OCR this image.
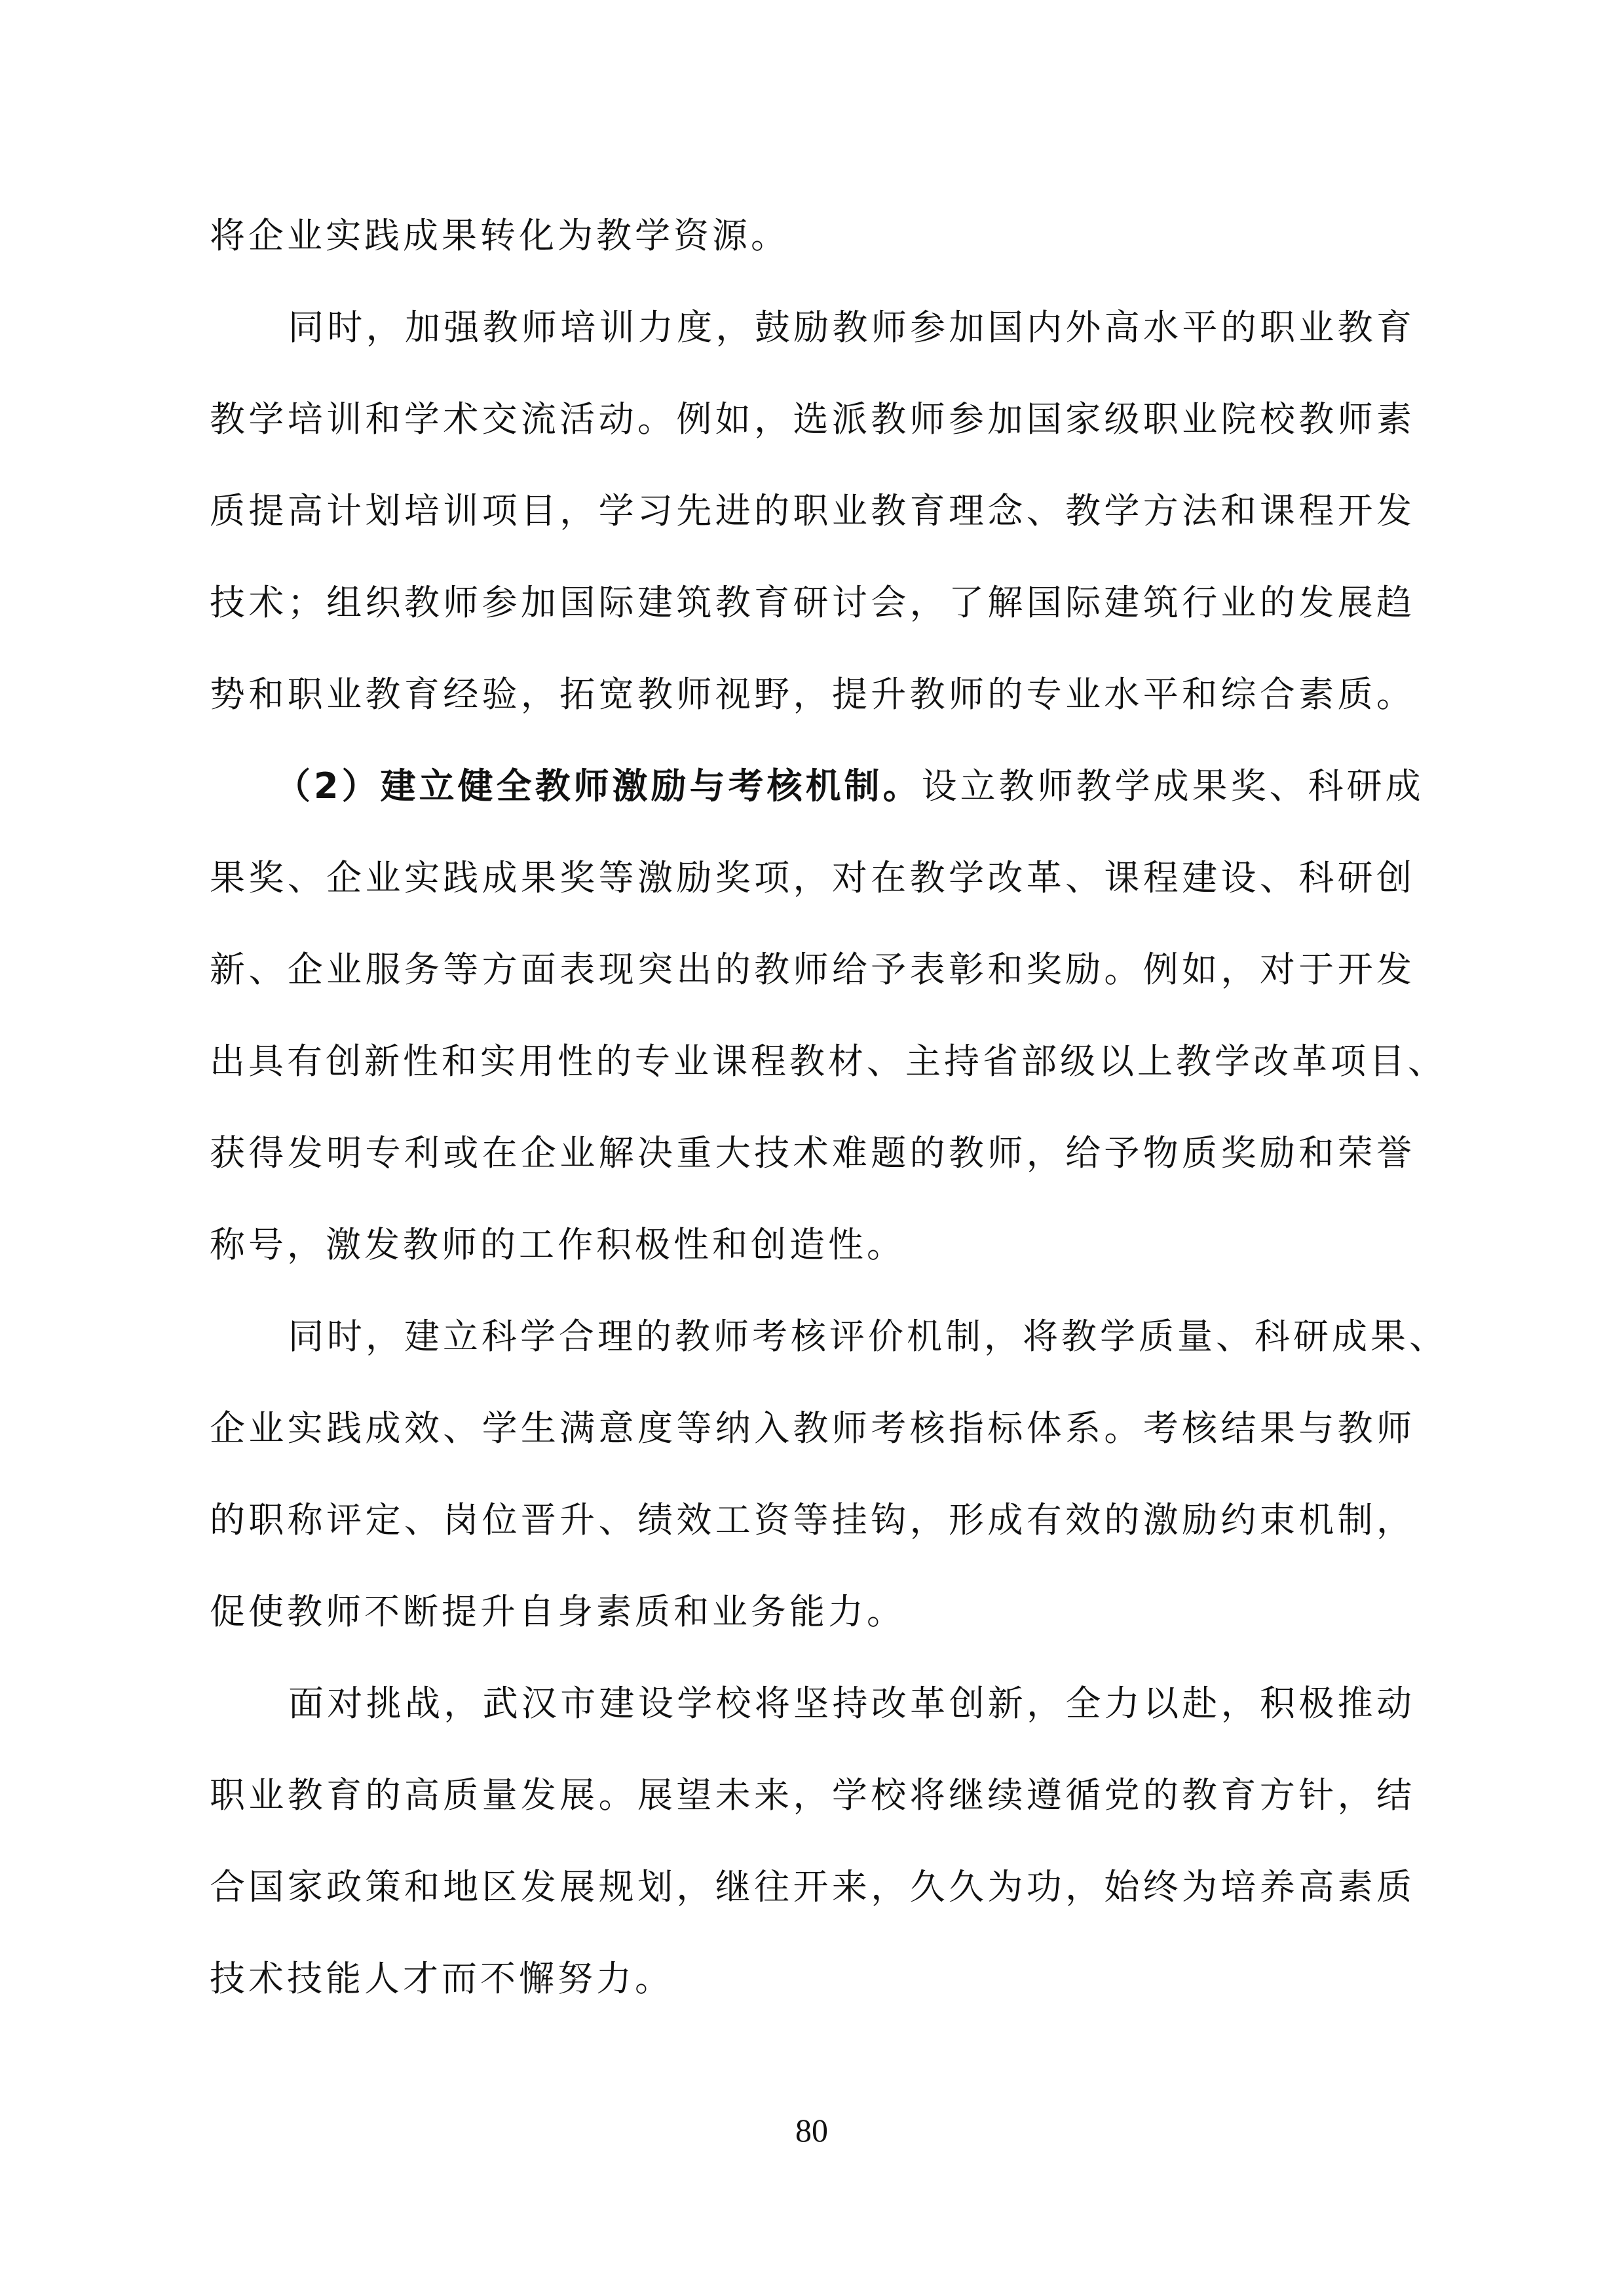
将企业实践成果转化为教学资源。
同时，加强教师培训力度，鼓励教师参加国内外高水平的职业教育
教学培训和学术交流活动。例如，选派教师参加国家级职业院校教师素
质提高计划培训项目，学习先进的职业教育理念、教学方法和课程开发
技术；组织教师参加国际建筑教育研讨会，了解国际建筑行业的发展趋
势和职业教育经验，拓宽教师视野，提升教师的专业水平和综合素质。
（2）建立健全教师激励与考核机制。 设立教师教学成果奖、科研成
果奖、企业实践成果奖等激励奖项，对在教学改革、课程建设、科研创
新、企业服务等方面表现突出的教师给予表彰和奖励。例如，对于开发
出具有创新性和实用性的专业课程教材、主持省部级以上教学改革项目、
获得发明专利或在企业解决重大技术难题的教师，给予物质奖励和荣誉
称号，激发教师的工作积极性和创造性。
同时，建立科学合理的教师考核评价机制，将教学质量、科研成果、
企业实践成效、学生满意度等纳入教师考核指标体系。考核结果与教师
的职称评定、岗位晋升、绩效工资等挂钩，形成有效的激励约束机制，
促使教师不断提升自身素质和业务能力。
面对挑战，武汉市建设学校将坚持改革创新，全力以赴，积极推动
职业教育的高质量发展。展望未来，学校将继续遵循党的教育方针，结
合国家政策和地区发展规划，继往开来，久久为功，始终为培养高素质
技术技能人才而不懈努力。
80
